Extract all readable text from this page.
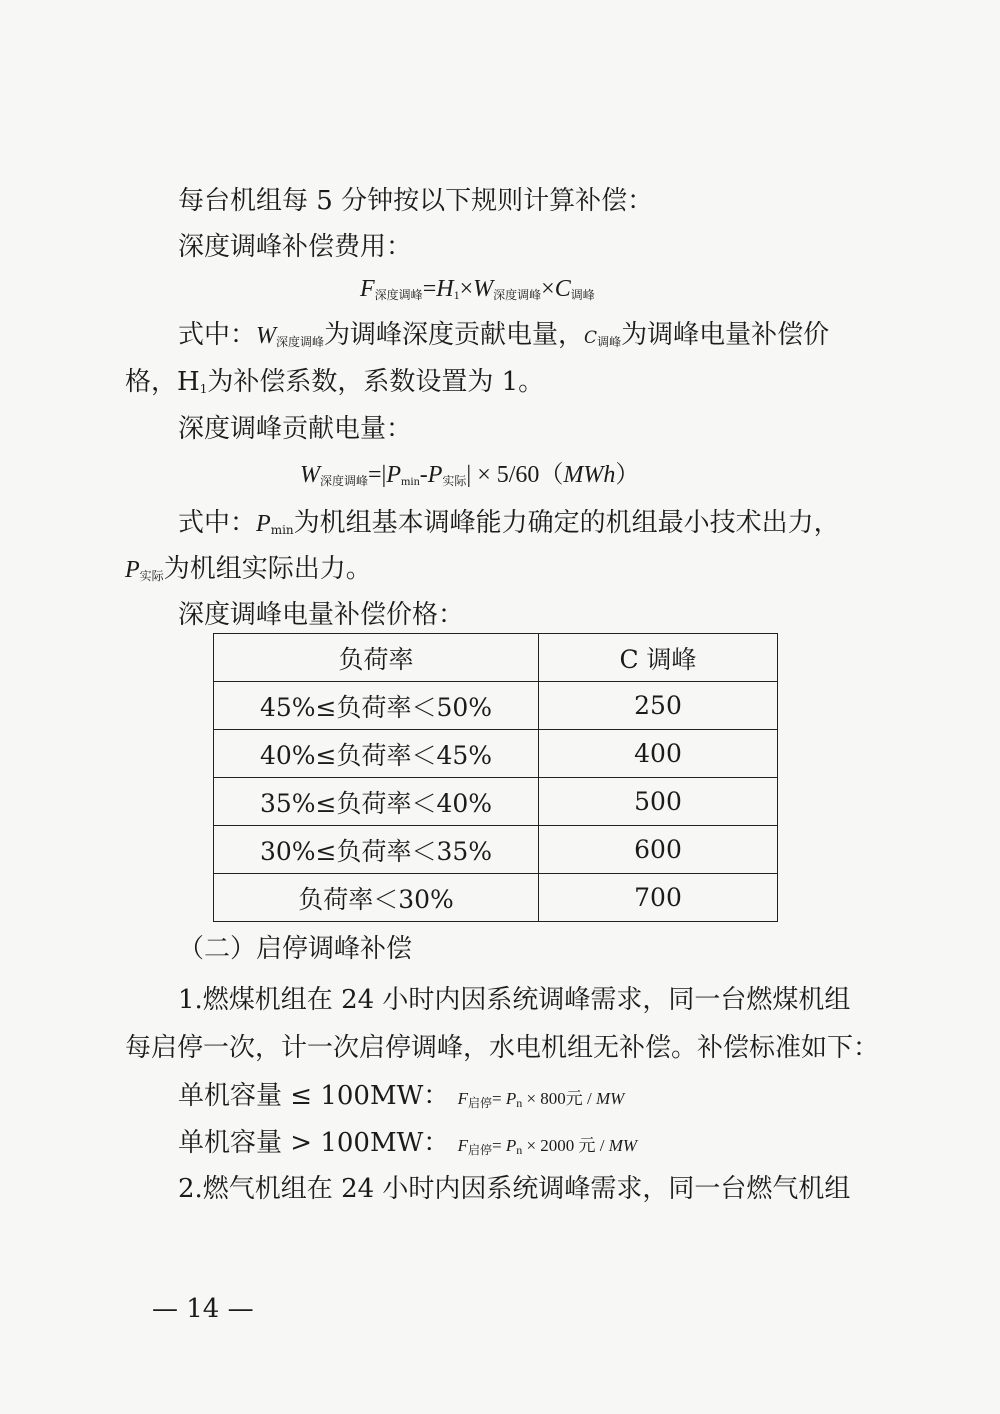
每台机组每 5 分钟按以下规则计算补偿：
深度调峰补偿费用：
$F_{深度调峰}=H_1\times W_{深度调峰}\times C_{调峰}$
式中：$W_{深度调峰}$为调峰深度贡献电量，$C_{调峰}$为调峰电量补偿价
格，$H_1$为补偿系数，系数设置为 1。
深度调峰贡献电量：
$W_{深度调峰}=|P_{min}-P_{实际}| \times 5/60(MWh)$
式中：$P_{min}$为机组基本调峰能力确定的机组最小技术出力，
$P_{实际}$为机组实际出力。
深度调峰电量补偿价格：
负荷率	C 调峰
45%≤负荷率＜50%	250
40%≤负荷率＜45%	400
35%≤负荷率＜40%	500
30%≤负荷率＜35%	600
负荷率＜30%	700
（二）启停调峰补偿
1.燃煤机组在 24 小时内因系统调峰需求，同一台燃煤机组
每启停一次，计一次启停调峰，水电机组无补偿。补偿标准如下：
单机容量 ≤ 100MW： $F_{启停}= P_n \times 800$元 / MW
单机容量 > 100MW： $F_{启停}= P_n \times 2000$ 元 / MW
2.燃气机组在 24 小时内因系统调峰需求，同一台燃气机组
— 14 —
